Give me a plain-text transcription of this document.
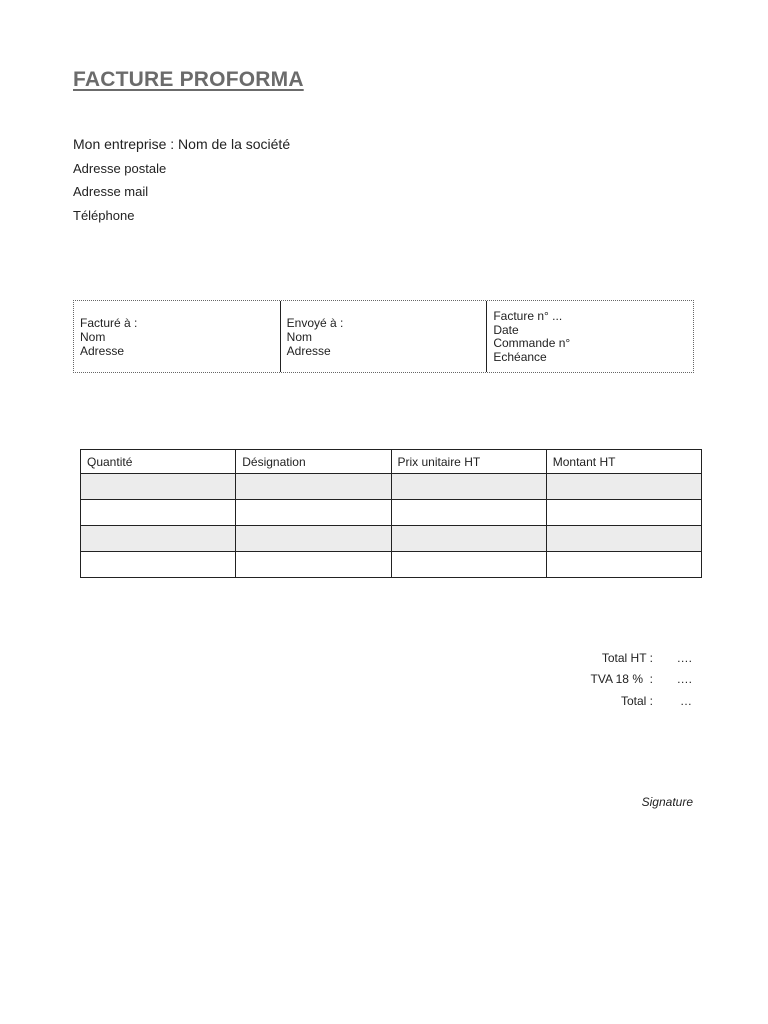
FACTURE PROFORMA
Mon entreprise : Nom de la société
Adresse postale
Adresse mail
Téléphone
Facturé à :
Nom
Adresse
Envoyé à :
Nom
Adresse
Facture n° ...
Date
Commande n°
Echéance
Quantité	Désignation	Prix unitaire HT	Montant HT

Total HT :	….
TVA 18 %  :	….
Total :	…
Signature
